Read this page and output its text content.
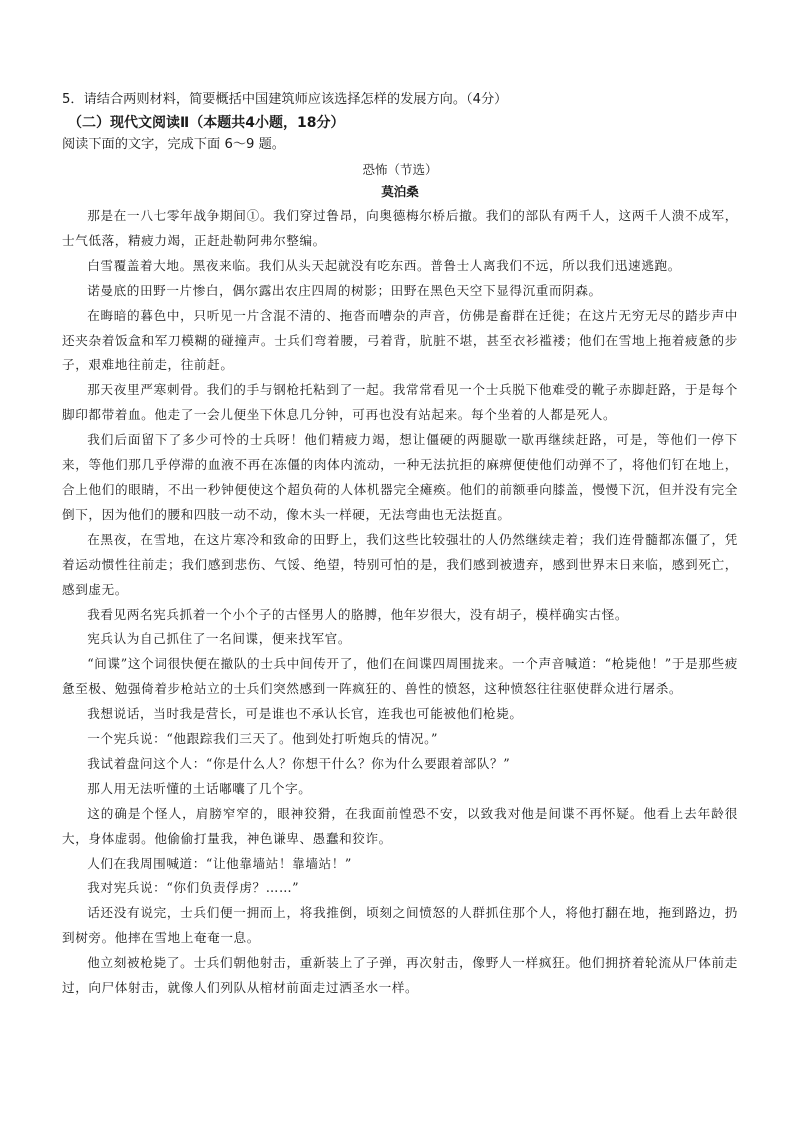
5．请结合两则材料，简要概括中国建筑师应该选择怎样的发展方向。（4分）

（二）现代文阅读Ⅱ（本题共4小题，18分）

阅读下面的文字，完成下面 6～9 题。

恐怖（节选）

莫泊桑

那是在一八七零年战争期间①。我们穿过鲁昂，向奥德梅尔桥后撤。我们的部队有两千人，这两千人溃不成军，士气低落，精疲力竭，正赶赴勒阿弗尔整编。

白雪覆盖着大地。黑夜来临。我们从头天起就没有吃东西。普鲁士人离我们不远，所以我们迅速逃跑。

诺曼底的田野一片惨白，偶尔露出农庄四周的树影；田野在黑色天空下显得沉重而阴森。

在晦暗的暮色中，只听见一片含混不清的、拖沓而嘈杂的声音，仿佛是畜群在迁徙；在这片无穷无尽的踏步声中还夹杂着饭盒和军刀模糊的碰撞声。士兵们弯着腰，弓着背，肮脏不堪，甚至衣衫褴褛；他们在雪地上拖着疲惫的步子，艰难地往前走，往前赶。

那天夜里严寒刺骨。我们的手与钢枪托粘到了一起。我常常看见一个士兵脱下他难受的靴子赤脚赶路，于是每个脚印都带着血。他走了一会儿便坐下休息几分钟，可再也没有站起来。每个坐着的人都是死人。

我们后面留下了多少可怜的士兵呀！他们精疲力竭，想让僵硬的两腿歇一歇再继续赶路，可是，等他们一停下来，等他们那几乎停滞的血液不再在冻僵的肉体内流动，一种无法抗拒的麻痹便使他们动弹不了，将他们钉在地上，合上他们的眼睛，不出一秒钟便使这个超负荷的人体机器完全瘫痪。他们的前额垂向膝盖，慢慢下沉，但并没有完全倒下，因为他们的腰和四肢一动不动，像木头一样硬，无法弯曲也无法挺直。

在黑夜，在雪地，在这片寒冷和致命的田野上，我们这些比较强壮的人仍然继续走着；我们连骨髓都冻僵了，凭着运动惯性往前走；我们感到悲伤、气馁、绝望，特别可怕的是，我们感到被遗弃，感到世界末日来临，感到死亡，感到虚无。

我看见两名宪兵抓着一个小个子的古怪男人的胳膊，他年岁很大，没有胡子，模样确实古怪。

宪兵认为自己抓住了一名间谍，便来找军官。

“间谍”这个词很快便在撤队的士兵中间传开了，他们在间谍四周围拢来。一个声音喊道：“枪毙他！”于是那些疲惫至极、勉强倚着步枪站立的士兵们突然感到一阵疯狂的、兽性的愤怒，这种愤怒往往驱使群众进行屠杀。

我想说话，当时我是营长，可是谁也不承认长官，连我也可能被他们枪毙。

一个宪兵说：“他跟踪我们三天了。他到处打听炮兵的情况。”

我试着盘问这个人：“你是什么人？你想干什么？你为什么要跟着部队？”

那人用无法听懂的土话嘟囔了几个字。

这的确是个怪人，肩膀窄窄的，眼神狡猾，在我面前惶恐不安，以致我对他是间谍不再怀疑。他看上去年龄很大，身体虚弱。他偷偷打量我，神色谦卑、愚蠢和狡诈。

人们在我周围喊道：“让他靠墙站！靠墙站！”

我对宪兵说：“你们负责俘虏？……”

话还没有说完，士兵们便一拥而上，将我推倒，顷刻之间愤怒的人群抓住那个人，将他打翻在地，拖到路边，扔到树旁。他摔在雪地上奄奄一息。

他立刻被枪毙了。士兵们朝他射击，重新装上了子弹，再次射击，像野人一样疯狂。他们拥挤着轮流从尸体前走过，向尸体射击，就像人们列队从棺材前面走过洒圣水一样。
